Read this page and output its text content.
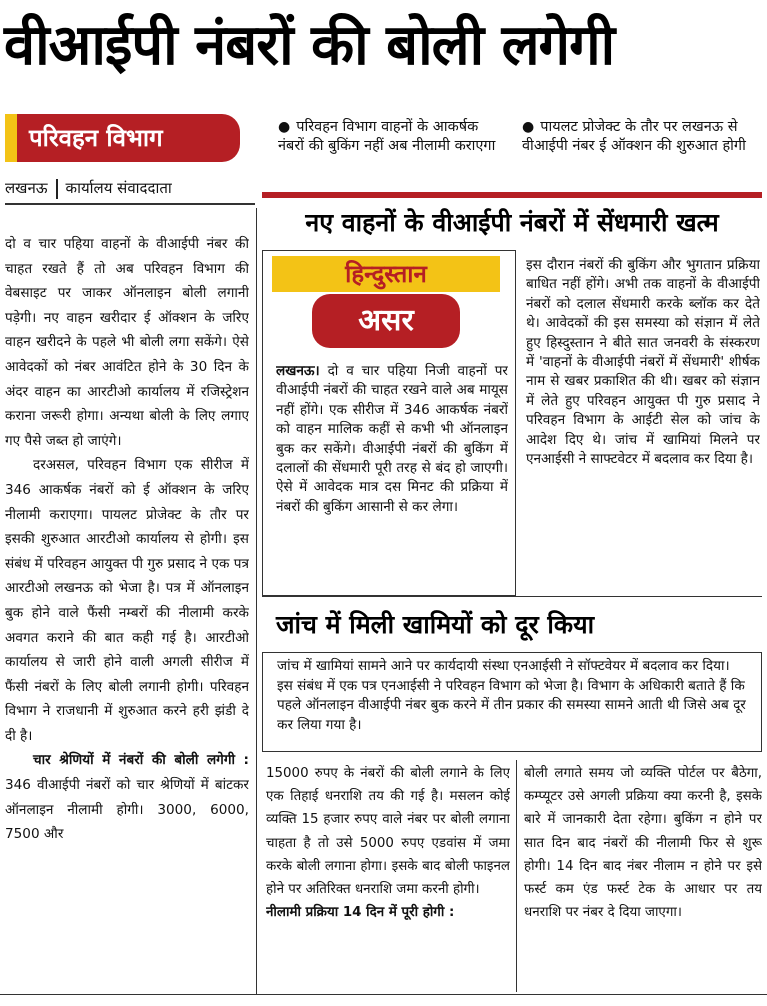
वीआईपी नंबरों की बोली लगेगी
परिवहन विभाग	● परिवहन विभाग वाहनों के आकर्षक नंबरों की बुकिंग नहीं अब नीलामी कराएगा
● पायलट प्रोजेक्ट के तौर पर लखनऊ से वीआईपी नंबर ई ऑक्शन की शुरुआत होगी
लखनऊ कार्यालय संवाददाता
दो व चार पहिया वाहनों के वीआईपी नंबर की चाहत रखते हैं तो अब परिवहन विभाग की वेबसाइट पर जाकर ऑनलाइन बोली लगानी पड़ेगी। नए वाहन खरीदार ई ऑक्शन के जरिए वाहन खरीदने के पहले भी बोली लगा सकेंगे। ऐसे आवेदकों को नंबर आवंटित होने के 30 दिन के अंदर वाहन का आरटीओ कार्यालय में रजिस्ट्रेशन कराना जरूरी होगा। अन्यथा बोली के लिए लगाए गए पैसे जब्त हो जाएंगे।
दरअसल, परिवहन विभाग एक सीरीज में 346 आकर्षक नंबरों को ई ऑक्शन के जरिए नीलामी कराएगा। पायलट प्रोजेक्ट के तौर पर इसकी शुरुआत आरटीओ कार्यालय से होगी। इस संबंध में परिवहन आयुक्त पी गुरु प्रसाद ने एक पत्र आरटीओ लखनऊ को भेजा है। पत्र में ऑनलाइन बुक होने वाले फैंसी नम्बरों की नीलामी करके अवगत कराने की बात कही गई है। आरटीओ कार्यालय से जारी होने वाली अगली सीरीज में फैंसी नंबरों के लिए बोली लगानी होगी। परिवहन विभाग ने राजधानी में शुरुआत करने हरी झंडी दे दी है।
चार श्रेणियों में नंबरों की बोली लगेगी : 346 वीआईपी नंबरों को चार श्रेणियों में बांटकर ऑनलाइन नीलामी होगी। 3000, 6000, 7500 और
नए वाहनों के वीआईपी नंबरों में सेंधमारी खत्म
हिन्दुस्तान
असर
लखनऊ। दो व चार पहिया निजी वाहनों पर वीआईपी नंबरों की चाहत रखने वाले अब मायूस नहीं होंगे। एक सीरीज में 346 आकर्षक नंबरों को वाहन मालिक कहीं से कभी भी ऑनलाइन बुक कर सकेंगे। वीआईपी नंबरों की बुकिंग में दलालों की सेंधमारी पूरी तरह से बंद हो जाएगी। ऐसे में आवेदक मात्र दस मिनट की प्रक्रिया में नंबरों की बुकिंग आसानी से कर लेगा।
इस दौरान नंबरों की बुकिंग और भुगतान प्रक्रिया बाधित नहीं होंगे। अभी तक वाहनों के वीआईपी नंबरों को दलाल सेंधमारी करके ब्लॉक कर देते थे। आवेदकों की इस समस्या को संज्ञान में लेते हुए हिस्दुस्तान ने बीते सात जनवरी के संस्करण में 'वाहनों के वीआईपी नंबरों में सेंधमारी' शीर्षक नाम से खबर प्रकाशित की थी। खबर को संज्ञान में लेते हुए परिवहन आयुक्त पी गुरु प्रसाद ने परिवहन विभाग के आईटी सेल को जांच के आदेश दिए थे। जांच में खामियां मिलने पर एनआईसी ने साफ्टवेटर में बदलाव कर दिया है।
जांच में मिली खामियों को दूर किया
जांच में खामियां सामने आने पर कार्यदायी संस्था एनआईसी ने सॉफ्टवेयर में बदलाव कर दिया। इस संबंध में एक पत्र एनआईसी ने परिवहन विभाग को भेजा है। विभाग के अधिकारी बताते हैं कि पहले ऑनलाइन वीआईपी नंबर बुक करने में तीन प्रकार की समस्या सामने आती थी जिसे अब दूर कर लिया गया है।
15000 रुपए के नंबरों की बोली लगाने के लिए एक तिहाई धनराशि तय की गई है। मसलन कोई व्यक्ति 15 हजार रुपए वाले नंबर पर बोली लगाना चाहता है तो उसे 5000 रुपए एडवांस में जमा करके बोली लगाना होगा। इसके बाद बोली फाइनल होने पर अतिरिक्त धनराशि जमा करनी होगी।
नीलामी प्रक्रिया 14 दिन में पूरी होगी :
बोली लगाते समय जो व्यक्ति पोर्टल पर बैठेगा, कम्प्यूटर उसे अगली प्रक्रिया क्या करनी है, इसके बारे में जानकारी देता रहेगा। बुकिंग न होने पर सात दिन बाद नंबरों की नीलामी फिर से शुरू होगी। 14 दिन बाद नंबर नीलाम न होने पर इसे फर्स्ट कम एंड फर्स्ट टेक के आधार पर तय धनराशि पर नंबर दे दिया जाएगा।
